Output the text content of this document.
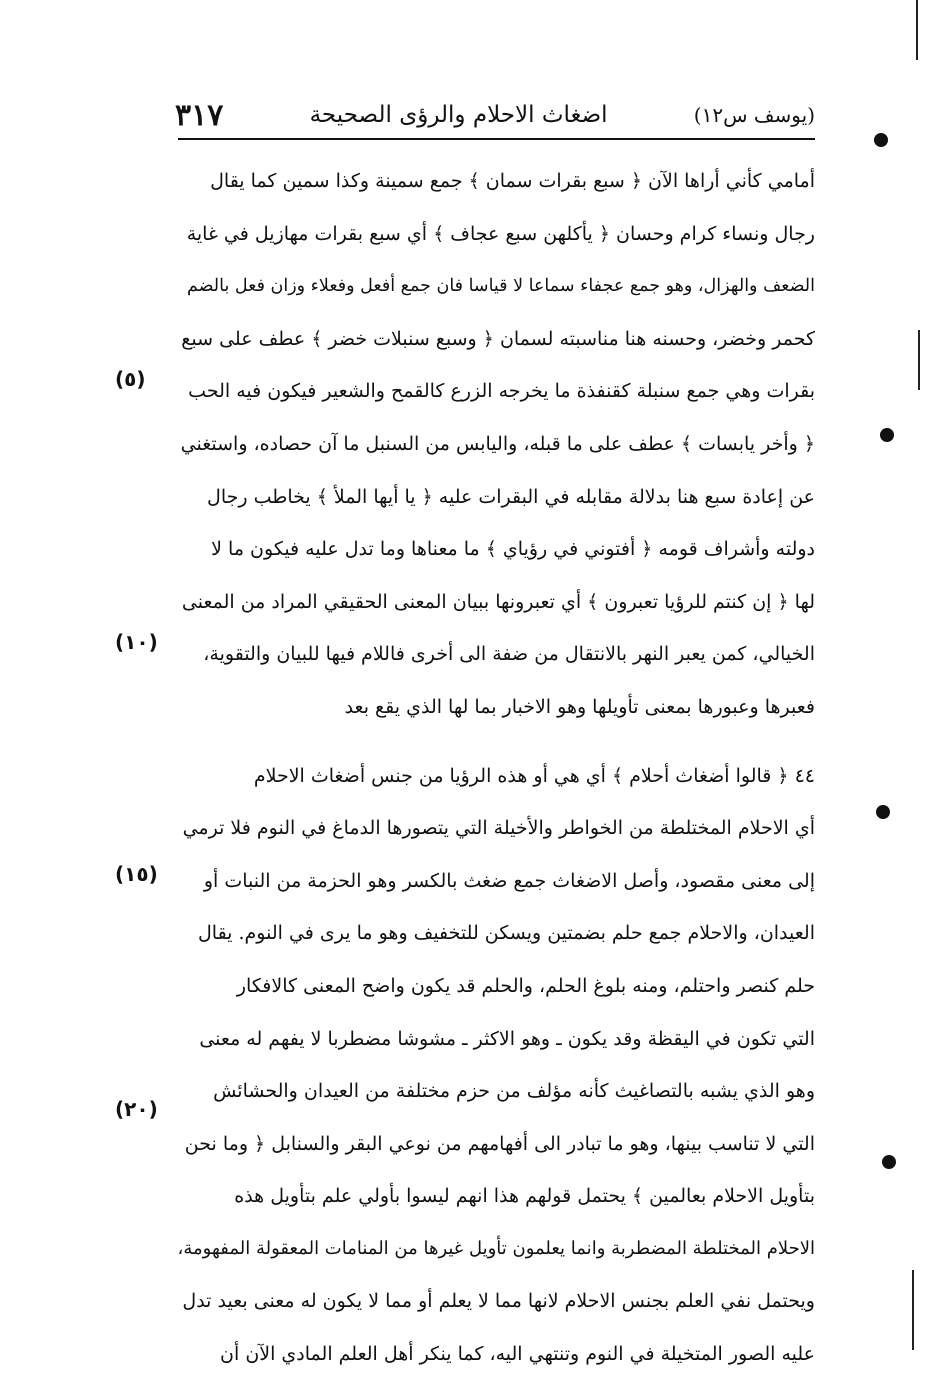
(يوسف س١٢)
اضغاث الاحلام والرؤى الصحيحة
٣١٧
أمامي كأني أراها الآن ﴿ سبع بقرات سمان ﴾ جمع سمينة وكذا سمين كما يقال
رجال ونساء كرام وحسان ﴿ يأكلهن سبع عجاف ﴾ أي سبع بقرات مهازيل في غاية
الضعف والهزال، وهو جمع عجفاء سماعا لا قياسا فان جمع أفعل وفعلاء وزان فعل بالضم
كحمر وخضر، وحسنه هنا مناسبته لسمان ﴿ وسبع سنبلات خضر ﴾ عطف على سبع
بقرات وهي جمع سنبلة كقنفذة ما يخرجه الزرع كالقمح والشعير فيكون فيه الحب
﴿ وأخر يابسات ﴾ عطف على ما قبله، واليابس من السنبل ما آن حصاده، واستغني
عن إعادة سبع هنا بدلالة مقابله في البقرات عليه ﴿ يا أيها الملأ ﴾ يخاطب رجال
دولته وأشراف قومه ﴿ أفتوني في رؤياي ﴾ ما معناها وما تدل عليه فيكون ما لا
لها ﴿ إن كنتم للرؤيا تعبرون ﴾ أي تعبرونها ببيان المعنى الحقيقي المراد من المعنى
الخيالي، كمن يعبر النهر بالانتقال من ضفة الى أخرى فاللام فيها للبيان والتقوية،
فعبرها وعبورها بمعنى تأويلها وهو الاخبار بما لها الذي يقع بعد
٤٤ ﴿ قالوا أضغاث أحلام ﴾ أي هي أو هذه الرؤيا من جنس أضغاث الاحلام
أي الاحلام المختلطة من الخواطر والأخيلة التي يتصورها الدماغ في النوم فلا ترمي
إلى معنى مقصود، وأصل الاضغاث جمع ضغث بالكسر وهو الحزمة من النبات أو
العيدان، والاحلام جمع حلم بضمتين ويسكن للتخفيف وهو ما يرى في النوم. يقال
حلم كنصر واحتلم، ومنه بلوغ الحلم، والحلم قد يكون واضح المعنى كالافكار
التي تكون في اليقظة وقد يكون ـ وهو الاكثر ـ مشوشا مضطربا لا يفهم له معنى
وهو الذي يشبه بالتصاغيث كأنه مؤلف من حزم مختلفة من العيدان والحشائش
التي لا تناسب بينها، وهو ما تبادر الى أفهامهم من نوعي البقر والسنابل ﴿ وما نحن
بتأويل الاحلام بعالمين ﴾ يحتمل قولهم هذا انهم ليسوا بأولي علم بتأويل هذه
الاحلام المختلطة المضطربة وانما يعلمون تأويل غيرها من المنامات المعقولة المفهومة،
ويحتمل نفي العلم بجنس الاحلام لانها مما لا يعلم أو مما لا يكون له معنى بعيد تدل
عليه الصور المتخيلة في النوم وتنتهي اليه، كما ينكر أهل العلم المادي الآن أن
(٥)
(١٠)
(١٥)
(٢٠)
